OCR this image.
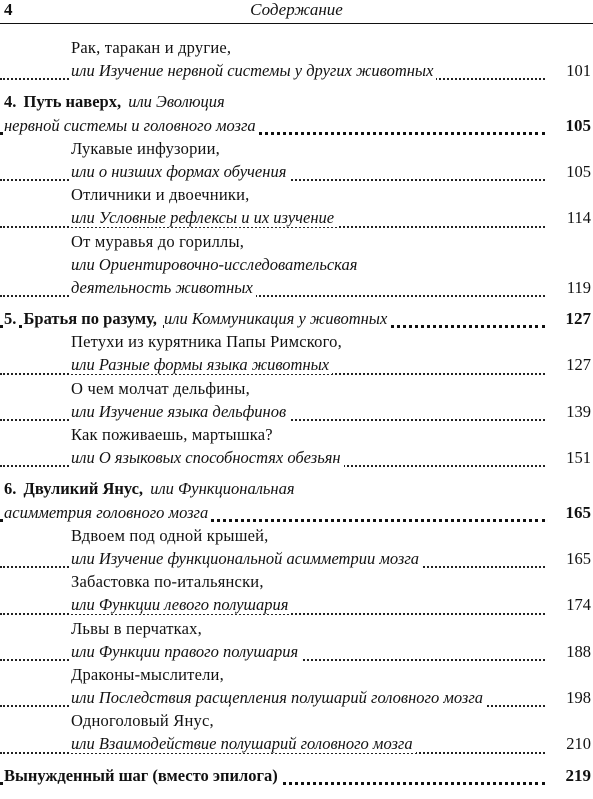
4	Содержание
Рак, таракан и другие,
или Изучение нервной системы у других животных	101
4. Путь наверх, или Эволюция
нервной системы и головного мозга	105
Лукавые инфузории,
или о низших формах обучения	105
Отличники и двоечники,
или Условные рефлексы и их изучение	114
От муравья до гориллы,
или Ориентировочно-исследовательская
деятельность животных	119
5. Братья по разуму, или Коммуникация у животных	127
Петухи из курятника Папы Римского,
или Разные формы языка животных	127
О чем молчат дельфины,
или Изучение языка дельфинов	139
Как поживаешь, мартышка?
или О языковых способностях обезьян	151
6. Двуликий Янус, или Функциональная
асимметрия головного мозга	165
Вдвоем под одной крышей,
или Изучение функциональной асимметрии мозга	165
Забастовка по-итальянски,
или Функции левого полушария	174
Львы в перчатках,
или Функции правого полушария	188
Драконы-мыслители,
или Последствия расщепления полушарий головного мозга	198
Одноголовый Янус,
или Взаимодействие полушарий головного мозга	210
Вынужденный шаг (вместо эпилога)	219
